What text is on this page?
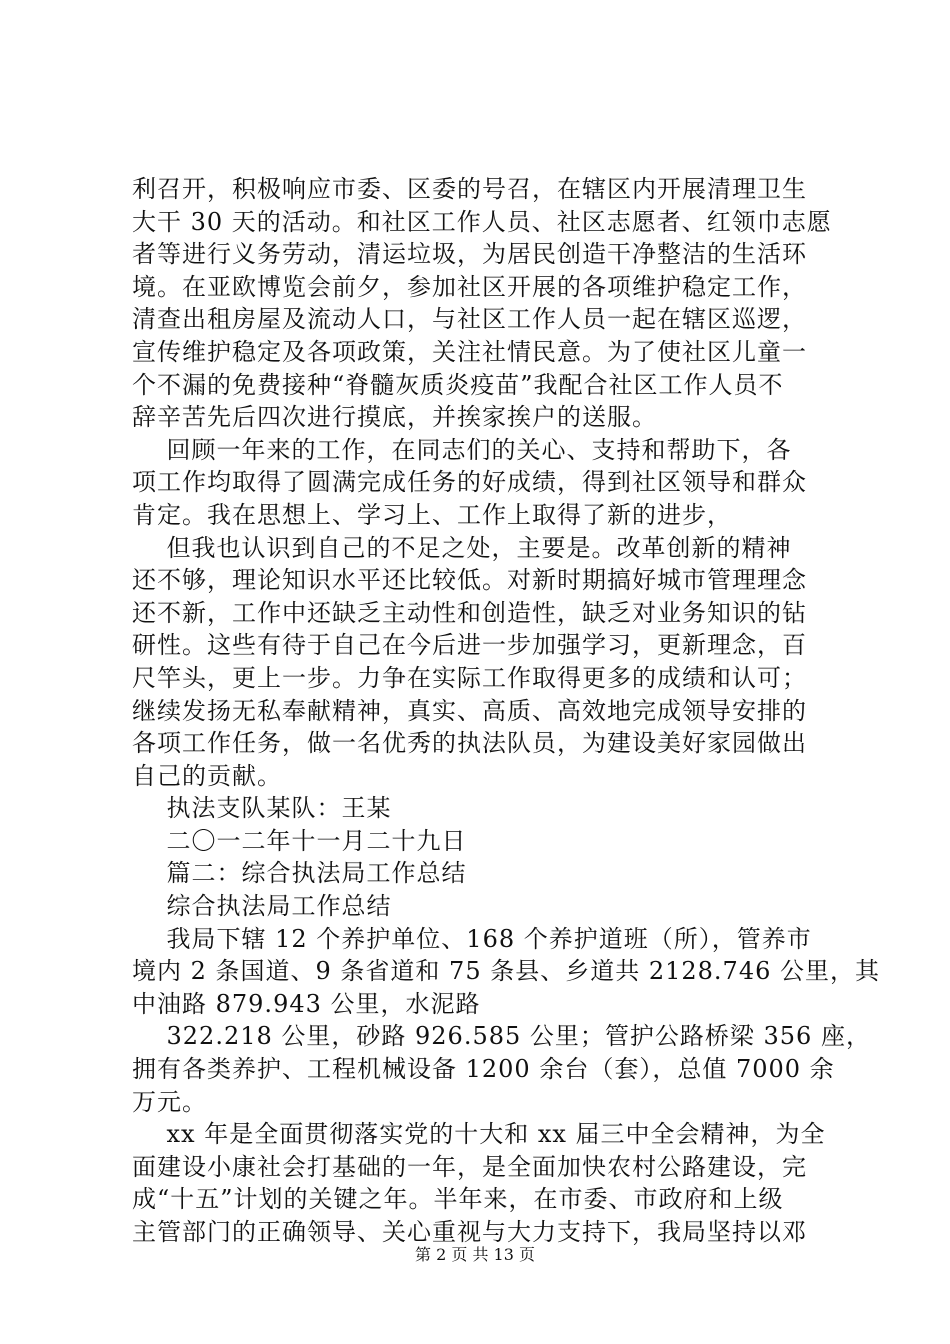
利召开，积极响应市委、区委的号召，在辖区内开展清理卫生

大干 30 天的活动。和社区工作人员、社区志愿者、红领巾志愿

者等进行义务劳动，清运垃圾，为居民创造干净整洁的生活环

境。在亚欧博览会前夕，参加社区开展的各项维护稳定工作，

清查出租房屋及流动人口，与社区工作人员一起在辖区巡逻，

宣传维护稳定及各项政策，关注社情民意。为了使社区儿童一

个不漏的免费接种“脊髓灰质炎疫苗”我配合社区工作人员不

辞辛苦先后四次进行摸底，并挨家挨户的送服。

回顾一年来的工作，在同志们的关心、支持和帮助下，各

项工作均取得了圆满完成任务的好成绩，得到社区领导和群众

肯定。我在思想上、学习上、工作上取得了新的进步，

但我也认识到自己的不足之处，主要是。改革创新的精神

还不够，理论知识水平还比较低。对新时期搞好城市管理理念

还不新，工作中还缺乏主动性和创造性，缺乏对业务知识的钻

研性。这些有待于自己在今后进一步加强学习，更新理念，百

尺竿头，更上一步。力争在实际工作取得更多的成绩和认可；

继续发扬无私奉献精神，真实、高质、高效地完成领导安排的

各项工作任务，做一名优秀的执法队员，为建设美好家园做出

自己的贡献。

执法支队某队：王某

二〇一二年十一月二十九日

篇二：综合执法局工作总结

综合执法局工作总结

我局下辖 12 个养护单位、168 个养护道班（所），管养市

境内 2 条国道、9 条省道和 75 条县、乡道共 2128.746 公里，其

中油路 879.943 公里，水泥路

322.218 公里，砂路 926.585 公里；管护公路桥梁 356 座，

拥有各类养护、工程机械设备 1200 余台（套），总值 7000 余

万元。

xx 年是全面贯彻落实党的十大和 xx 届三中全会精神，为全

面建设小康社会打基础的一年，是全面加快农村公路建设，完

成“十五”计划的关键之年。半年来，在市委、市政府和上级

主管部门的正确领导、关心重视与大力支持下，我局坚持以邓

第 2 页 共 13 页
